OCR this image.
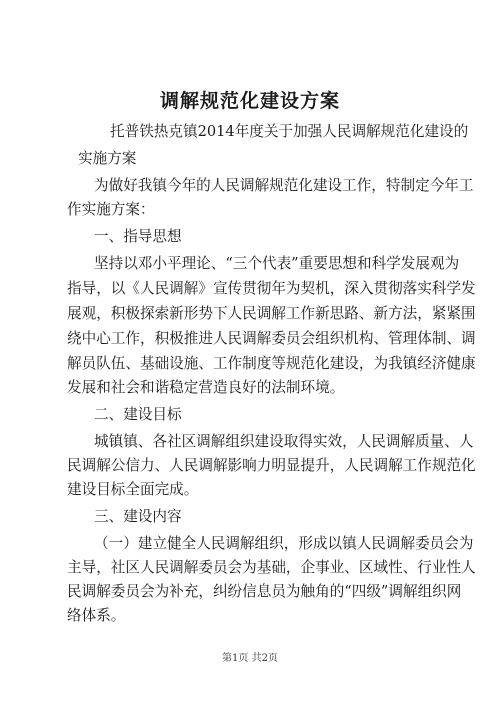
调解规范化建设方案
托普铁热克镇2014年度关于加强人民调解规范化建设的
实施方案
为做好我镇今年的人民调解规范化建设工作，特制定今年工
作实施方案：
一、指导思想
坚持以邓小平理论、“三个代表”重要思想和科学发展观为
指导，以《人民调解》宣传贯彻年为契机，深入贯彻落实科学发
展观，积极探索新形势下人民调解工作新思路、新方法，紧紧围
绕中心工作，积极推进人民调解委员会组织机构、管理体制、调
解员队伍、基础设施、工作制度等规范化建设，为我镇经济健康
发展和社会和谐稳定营造良好的法制环境。
二、建设目标
城镇镇、各社区调解组织建设取得实效，人民调解质量、人
民调解公信力、人民调解影响力明显提升，人民调解工作规范化
建设目标全面完成。
三、建设内容
（一）建立健全人民调解组织，形成以镇人民调解委员会为
主导，社区人民调解委员会为基础，企事业、区域性、行业性人
民调解委员会为补充，纠纷信息员为触角的“四级”调解组织网
络体系。
第1页 共2页
